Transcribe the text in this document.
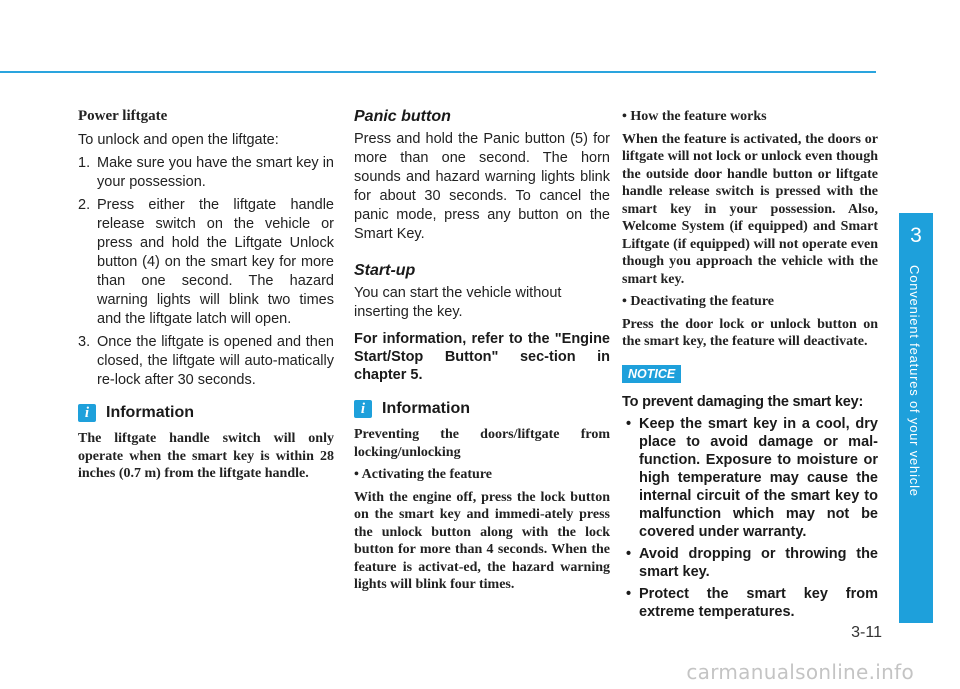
3
Convenient features of your vehicle
Power liftgate
To unlock and open the liftgate:
1. Make sure you have the smart key in your possession.
2. Press either the liftgate handle release switch on the vehicle or press and hold the Liftgate Unlock button (4) on the smart key for more than one second. The hazard warning lights will blink two times and the liftgate latch will open.
3. Once the liftgate is opened and then closed, the liftgate will auto-matically re-lock after 30 seconds.
i	Information
The liftgate handle switch will only operate when the smart key is within 28 inches (0.7 m) from the liftgate handle.
Panic button
Press and hold the Panic button (5) for more than one second. The horn sounds and hazard warning lights blink for about 30 seconds. To cancel the panic mode, press any button on the Smart Key.
Start-up
You can start the vehicle without inserting the key.
For information, refer to the "Engine Start/Stop Button" sec-tion in chapter 5.
i	Information
Preventing the doors/liftgate from locking/unlocking
• Activating the feature
With the engine off, press the lock button on the smart key and immedi-ately press the unlock button along with the lock button for more than 4 seconds. When the feature is activat-ed, the hazard warning lights will blink four times.
• How the feature works
When the feature is activated, the doors or liftgate will not lock or unlock even though the outside door handle button or liftgate handle release switch is pressed with the smart key in your possession. Also, Welcome System (if equipped) and Smart Liftgate (if equipped) will not operate even though you approach the vehicle with the smart key.
• Deactivating the feature
Press the door lock or unlock button on the smart key, the feature will deactivate.
NOTICE
To prevent damaging the smart key:
• Keep the smart key in a cool, dry place to avoid damage or mal-function. Exposure to moisture or high temperature may cause the internal circuit of the smart key to malfunction which may not be covered under warranty.
• Avoid dropping or throwing the smart key.
• Protect the smart key from extreme temperatures.
3-11
carmanualsonline.info
